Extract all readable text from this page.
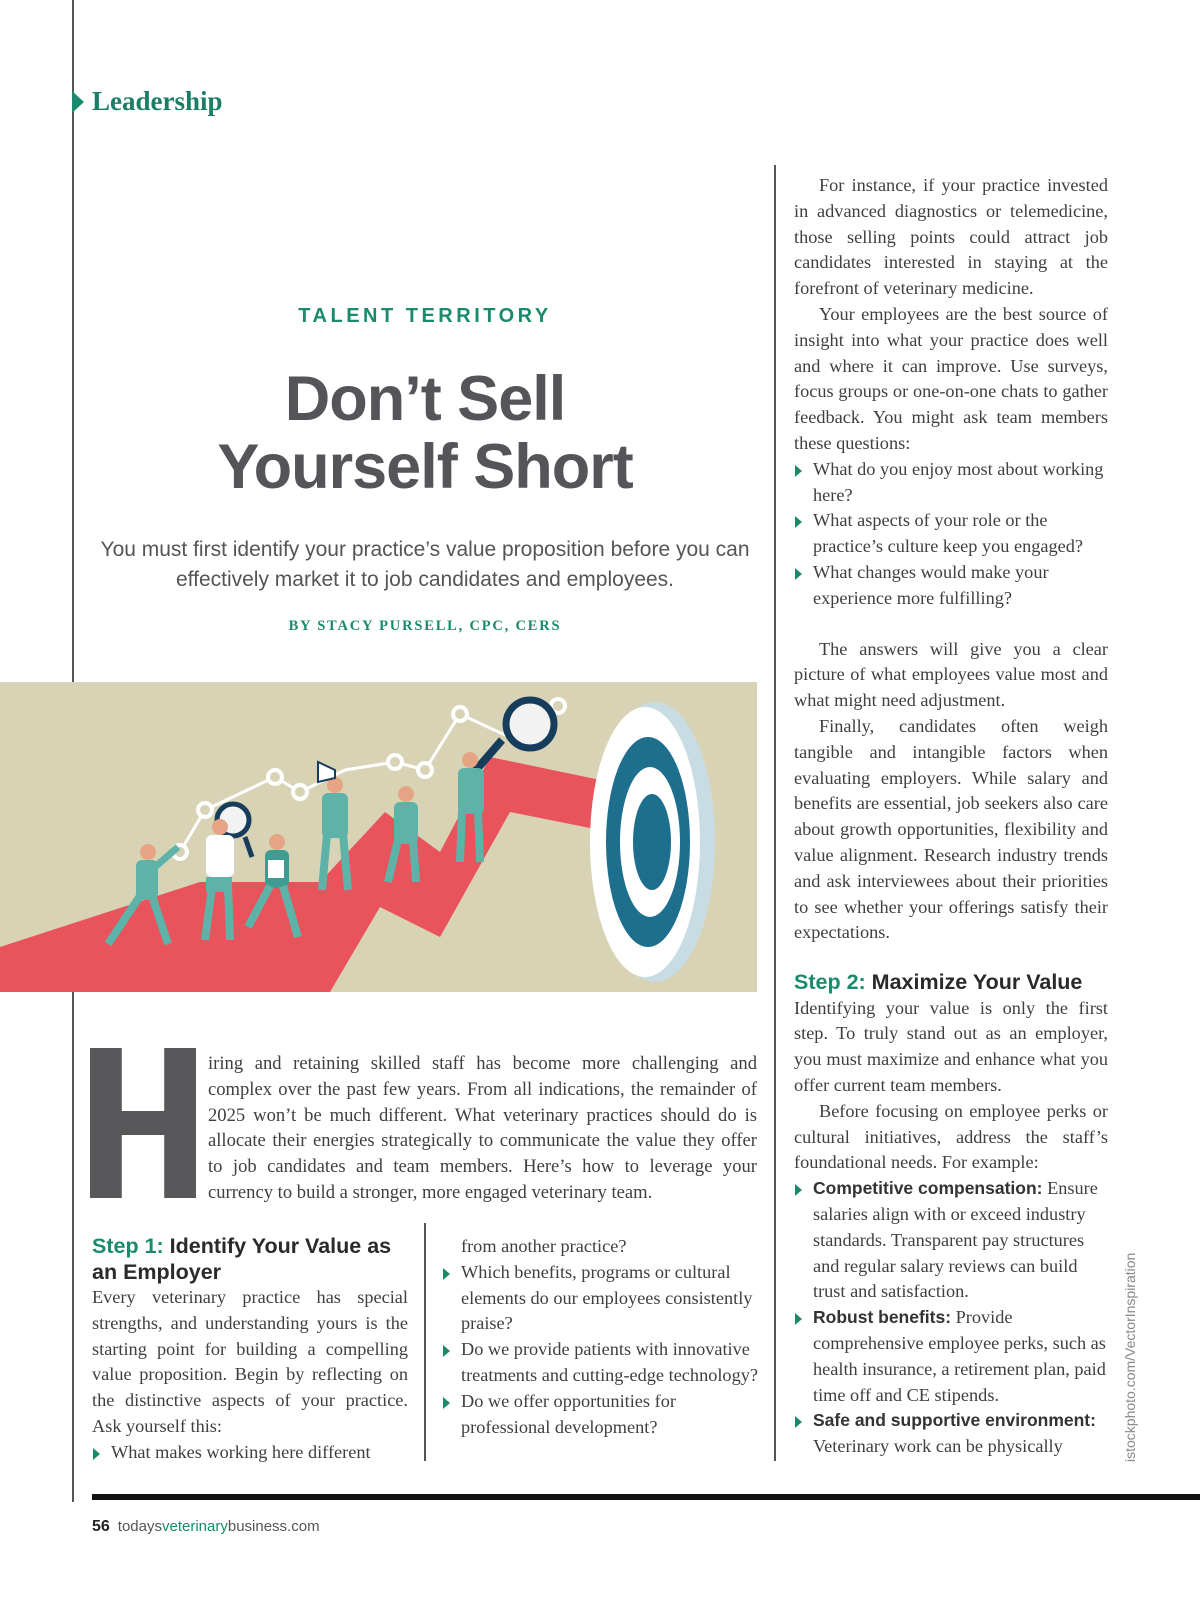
Leadership
TALENT TERRITORY
Don’t Sell
Yourself Short
You must first identify your practice’s value proposition before you can effectively market it to job candidates and employees.
BY STACY PURSELL, CPC, CERS
iring and retaining skilled staff has become more challenging and complex over the past few years. From all indications, the remainder of 2025 won’t be much different. What veterinary practices should do is allocate their energies strategically to communicate the value they offer to job candidates and team members. Here’s how to leverage your currency to build a stronger, more engaged veterinary team.
Step 1: Identify Your Value as an Employer
Every veterinary practice has special strengths, and understanding yours is the starting point for building a compelling value proposition. Begin by reflecting on the distinctive aspects of your practice. Ask yourself this:
What makes working here different
from another practice?
Which benefits, programs or cultural elements do our employees consistently praise?
Do we provide patients with innovative treatments and cutting-edge technology?
Do we offer opportunities for professional development?
For instance, if your practice invested in advanced diagnostics or telemedicine, those selling points could attract job candidates interested in staying at the forefront of veterinary medicine.
Your employees are the best source of insight into what your practice does well and where it can improve. Use surveys, focus groups or one-on-one chats to gather feedback. You might ask team members these questions:
What do you enjoy most about working here?
What aspects of your role or the practice’s culture keep you engaged?
What changes would make your experience more fulfilling?
The answers will give you a clear picture of what employees value most and what might need adjustment.
Finally, candidates often weigh tangible and intangible factors when evaluating employers. While salary and benefits are essential, job seekers also care about growth opportunities, flexibility and value alignment. Research industry trends and ask interviewees about their priorities to see whether your offerings satisfy their expectations.
Step 2: Maximize Your Value
Identifying your value is only the first step. To truly stand out as an employer, you must maximize and enhance what you offer current team members.
Before focusing on employee perks or cultural initiatives, address the staff’s foundational needs. For example:
Competitive compensation: Ensure salaries align with or exceed industry standards. Transparent pay structures and regular salary reviews can build trust and satisfaction.
Robust benefits: Provide comprehensive employee perks, such as health insurance, a retirement plan, paid time off and CE stipends.
Safe and supportive environment: Veterinary work can be physically	istockphoto.com/VectorInspiration
56 todaysveterinarybusiness.com
